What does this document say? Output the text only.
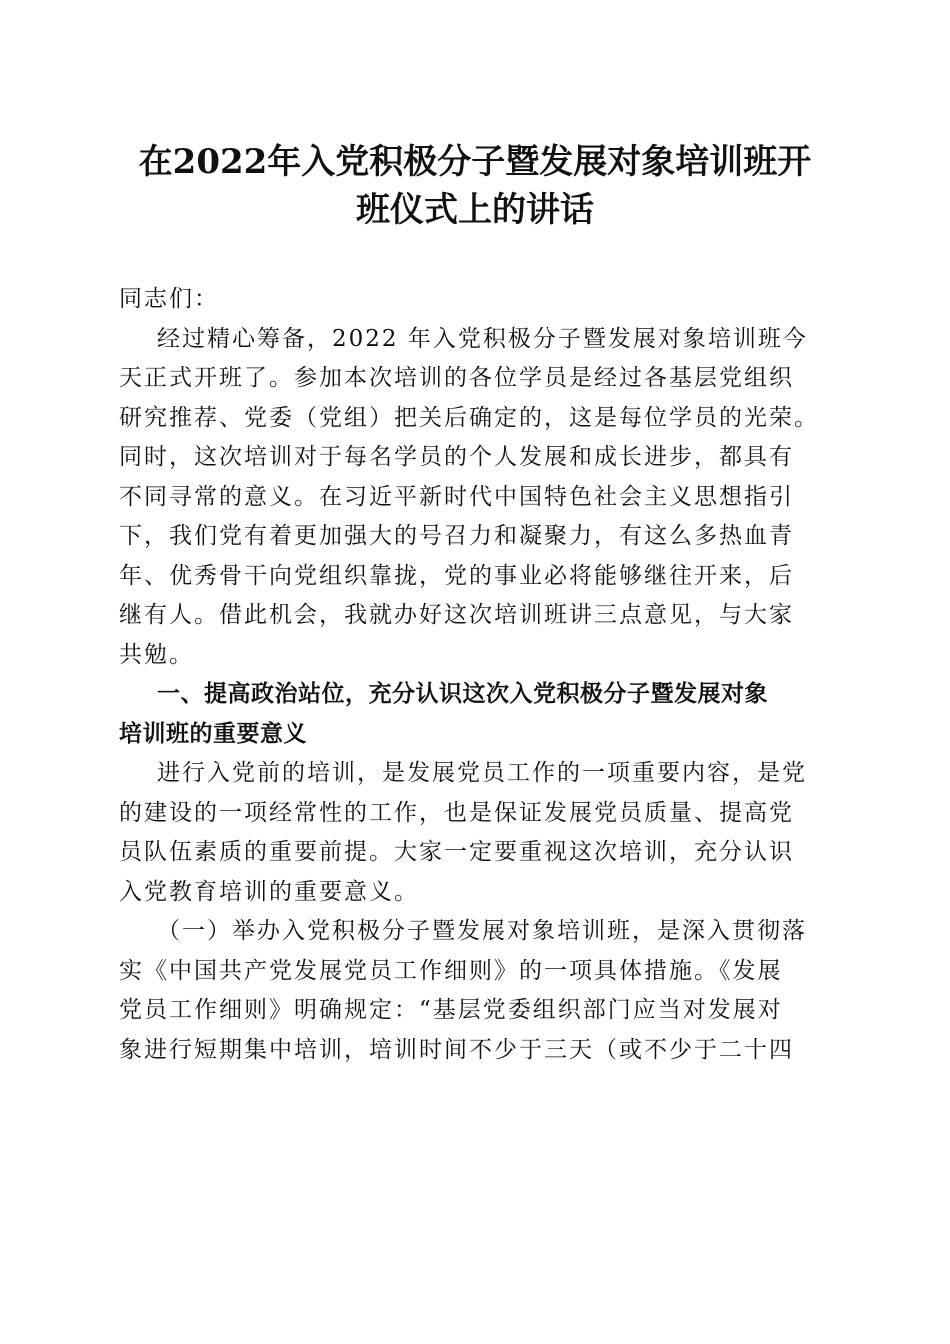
在2022年入党积极分子暨发展对象培训班开
班仪式上的讲话
同志们：
经过精心筹备，2022 年入党积极分子暨发展对象培训班今
天正式开班了。参加本次培训的各位学员是经过各基层党组织
研究推荐、党委（党组）把关后确定的，这是每位学员的光荣。
同时，这次培训对于每名学员的个人发展和成长进步，都具有
不同寻常的意义。在习近平新时代中国特色社会主义思想指引
下，我们党有着更加强大的号召力和凝聚力，有这么多热血青
年、优秀骨干向党组织靠拢，党的事业必将能够继往开来，后
继有人。借此机会，我就办好这次培训班讲三点意见，与大家
共勉。
一、提高政治站位，充分认识这次入党积极分子暨发展对象
培训班的重要意义
进行入党前的培训，是发展党员工作的一项重要内容，是党
的建设的一项经常性的工作，也是保证发展党员质量、提高党
员队伍素质的重要前提。大家一定要重视这次培训，充分认识
入党教育培训的重要意义。
（一）举办入党积极分子暨发展对象培训班，是深入贯彻落
实《中国共产党发展党员工作细则》的一项具体措施。《发展
党员工作细则》明确规定：“基层党委组织部门应当对发展对
象进行短期集中培训，培训时间不少于三天（或不少于二十四
